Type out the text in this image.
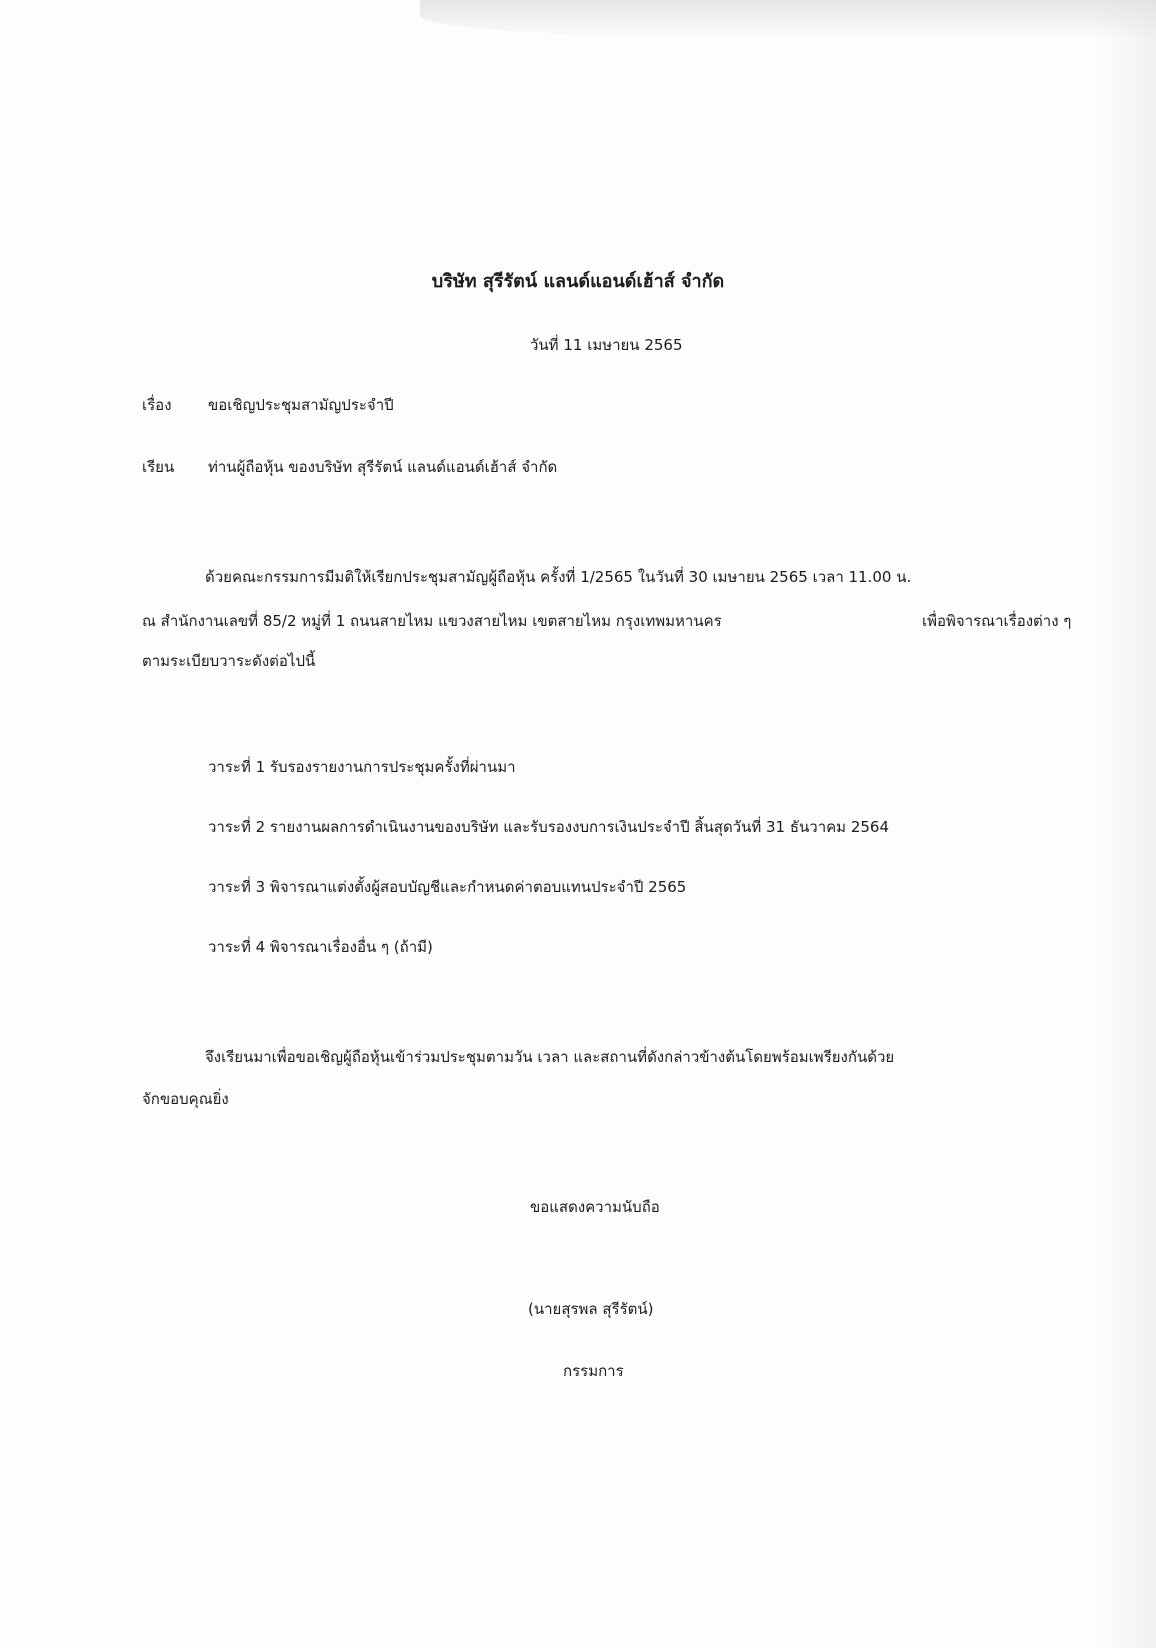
บริษัท สุรีรัตน์ แลนด์แอนด์เฮ้าส์ จำกัด
วันที่ 11 เมษายน 2565
เรื่อง ขอเชิญประชุมสามัญประจำปี
เรียน ท่านผู้ถือหุ้น ของบริษัท สุรีรัตน์ แลนด์แอนด์เฮ้าส์ จำกัด
ด้วยคณะกรรมการมีมติให้เรียกประชุมสามัญผู้ถือหุ้น ครั้งที่ 1/2565 ในวันที่ 30 เมษายน 2565 เวลา 11.00 น.
ณ สำนักงานเลขที่ 85/2 หมู่ที่ 1 ถนนสายไหม แขวงสายไหม เขตสายไหม กรุงเทพมหานคร	เพื่อพิจารณาเรื่องต่าง ๆ
ตามระเบียบวาระดังต่อไปนี้
วาระที่ 1 รับรองรายงานการประชุมครั้งที่ผ่านมา
วาระที่ 2 รายงานผลการดำเนินงานของบริษัท และรับรองงบการเงินประจำปี สิ้นสุดวันที่ 31 ธันวาคม 2564
วาระที่ 3 พิจารณาแต่งตั้งผู้สอบบัญชีและกำหนดค่าตอบแทนประจำปี 2565
วาระที่ 4 พิจารณาเรื่องอื่น ๆ (ถ้ามี)
จึงเรียนมาเพื่อขอเชิญผู้ถือหุ้นเข้าร่วมประชุมตามวัน เวลา และสถานที่ดังกล่าวข้างต้นโดยพร้อมเพรียงกันด้วย
จักขอบคุณยิ่ง
ขอแสดงความนับถือ
(นายสุรพล สุรีรัตน์)
กรรมการ
